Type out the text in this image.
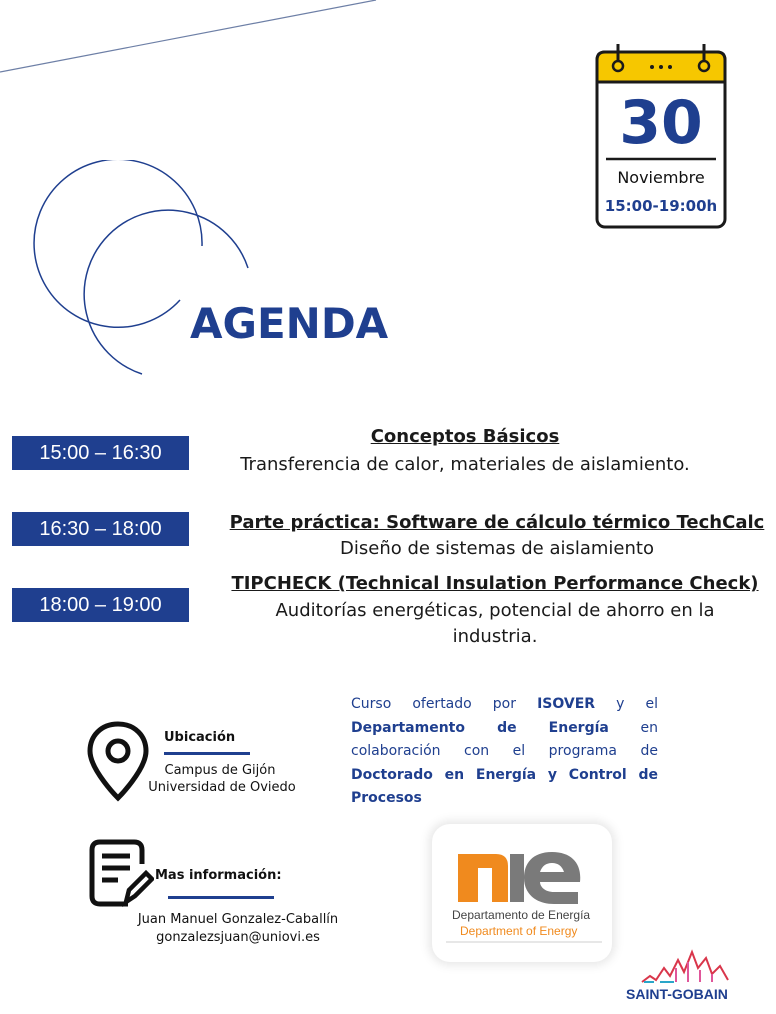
30
Noviembre
15:00-19:00h
AGENDA
15:00 – 16:30
Conceptos Básicos
Transferencia de calor, materiales de aislamiento.
16:30 – 18:00	Parte práctica: Software de cálculo térmico TechCalc
Diseño de sistemas de aislamiento
18:00 – 19:00
TIPCHECK (Technical Insulation Performance Check)
Auditorías energéticas, potencial de ahorro en la
industria.
Ubicación
Campus de Gijón
Universidad de Oviedo
Curso ofertado por ISOVER y el Departamento de Energía en colaboración con el programa de Doctorado en Energía y Control de Procesos
Mas información:
Juan Manuel Gonzalez-Caballín
gonzalezsjuan@uniovi.es
Departamento de Energía
Department of Energy
SAINT-GOBAIN
